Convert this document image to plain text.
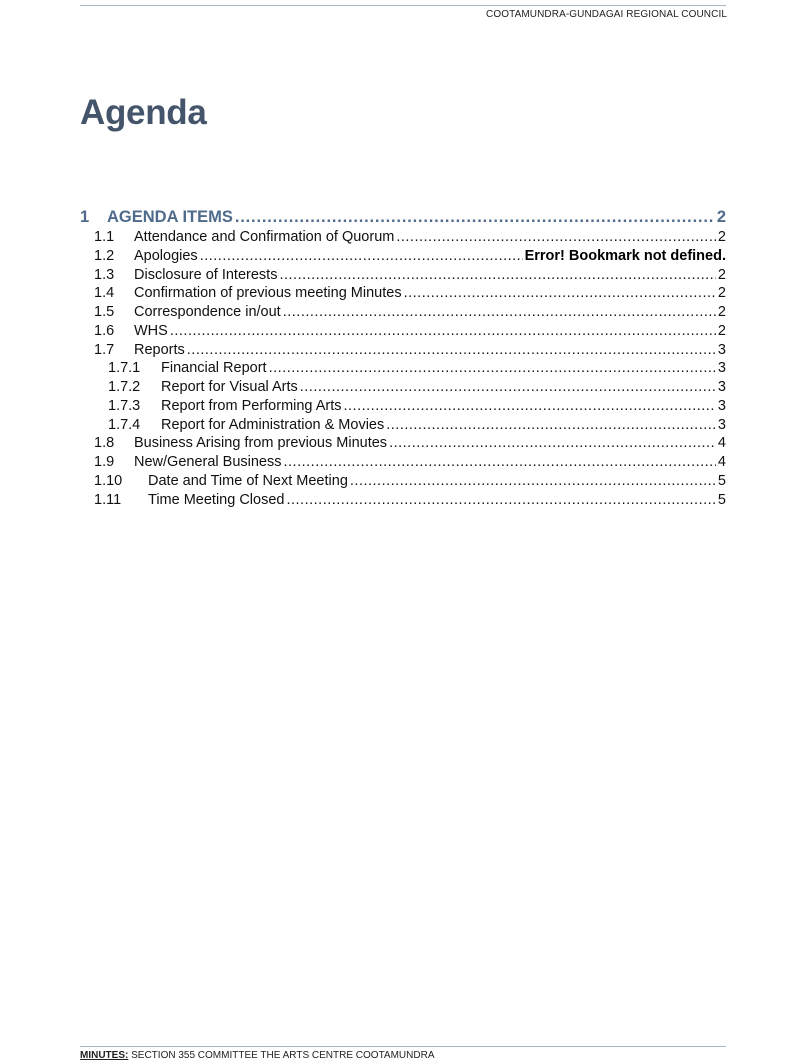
COOTAMUNDRA-GUNDAGAI REGIONAL COUNCIL
Agenda
1	AGENDA ITEMS .....	2
1.1	Attendance and Confirmation of Quorum .....	2
1.2	Apologies .....	Error! Bookmark not defined.
1.3	Disclosure of Interests .....	2
1.4	Confirmation of previous meeting Minutes .....	2
1.5	Correspondence in/out .....	2
1.6	WHS .....	2
1.7	Reports .....	3
1.7.1	Financial Report .....	3
1.7.2	Report for Visual Arts .....	3
1.7.3	Report from Performing Arts .....	3
1.7.4	Report for Administration & Movies .....	3
1.8	Business Arising from previous Minutes .....	4
1.9	New/General Business .....	4
1.10	Date and Time of Next Meeting .....	5
1.11	Time Meeting Closed .....	5
MINUTES: SECTION 355 COMMITTEE THE ARTS CENTRE COOTAMUNDRA
